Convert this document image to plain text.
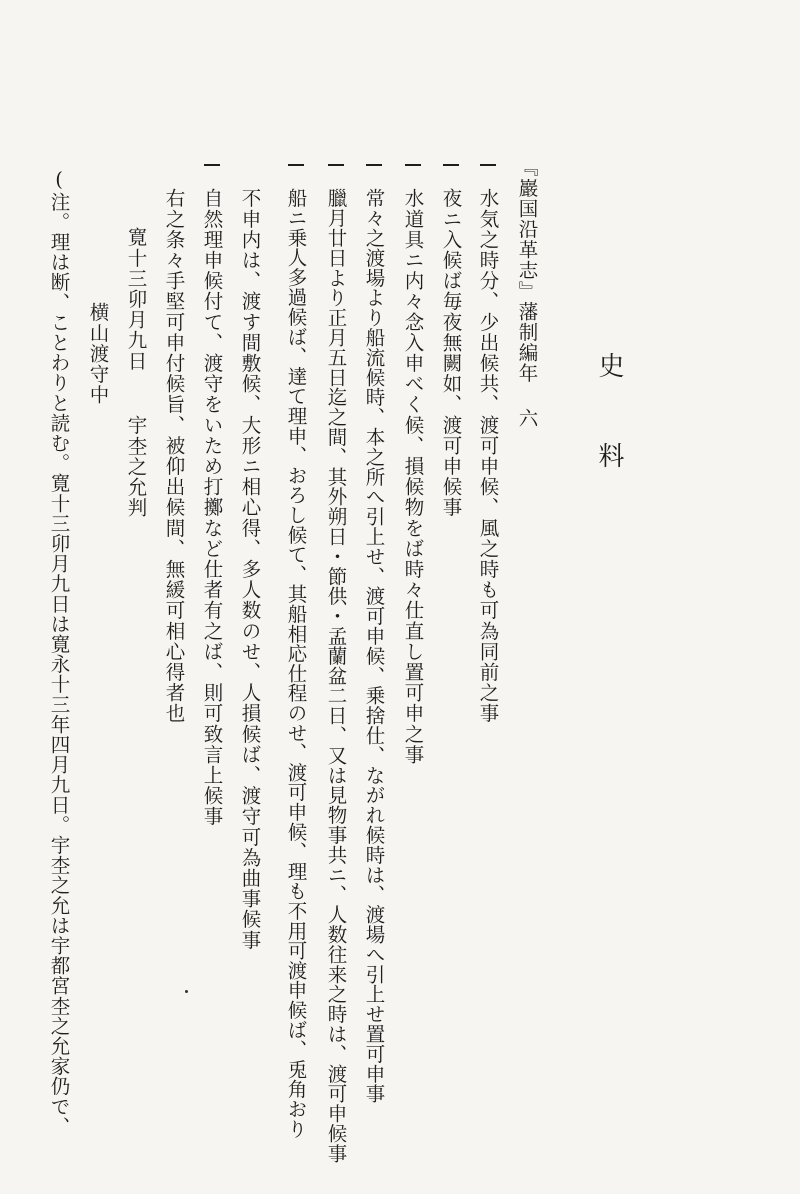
史料
『巖国沿革志』藩制編年 六
水気之時分、少出候共、渡可申候、風之時も可為同前之事
夜ニ入候ば毎夜無闕如、渡可申候事
水道具ニ内々念入申べく候、損候物をば時々仕直し置可申之事
常々之渡場より船流候時、本之所へ引上せ、渡可申候、乗捨仕、ながれ候時は、渡場へ引上せ置可申事
臘月廿日より正月五日迄之間、其外朔日・節供・孟蘭盆二日、又は見物事共ニ、人数往来之時は、渡可申候事
船ニ乗人多過候ば、達て理申、おろし候て、其船相応仕程のせ、渡可申候、理も不用可渡申候ば、兎角おり
不申内は、渡す間敷候、大形ニ相心得、多人数のせ、人損候ば、渡守可為曲事候事
自然理申候付て、渡守をいため打擲など仕者有之ば、則可致言上候事
右之条々手堅可申付候旨、被仰出候間、無緩可相心得者也
寛十三卯月九日
宇杢之允判
横山渡守中
(注。理は断、ことわりと読む。寛十三卯月九日は寛永十三年四月九日。宇杢之允は宇都宮杢之允家仍で、
